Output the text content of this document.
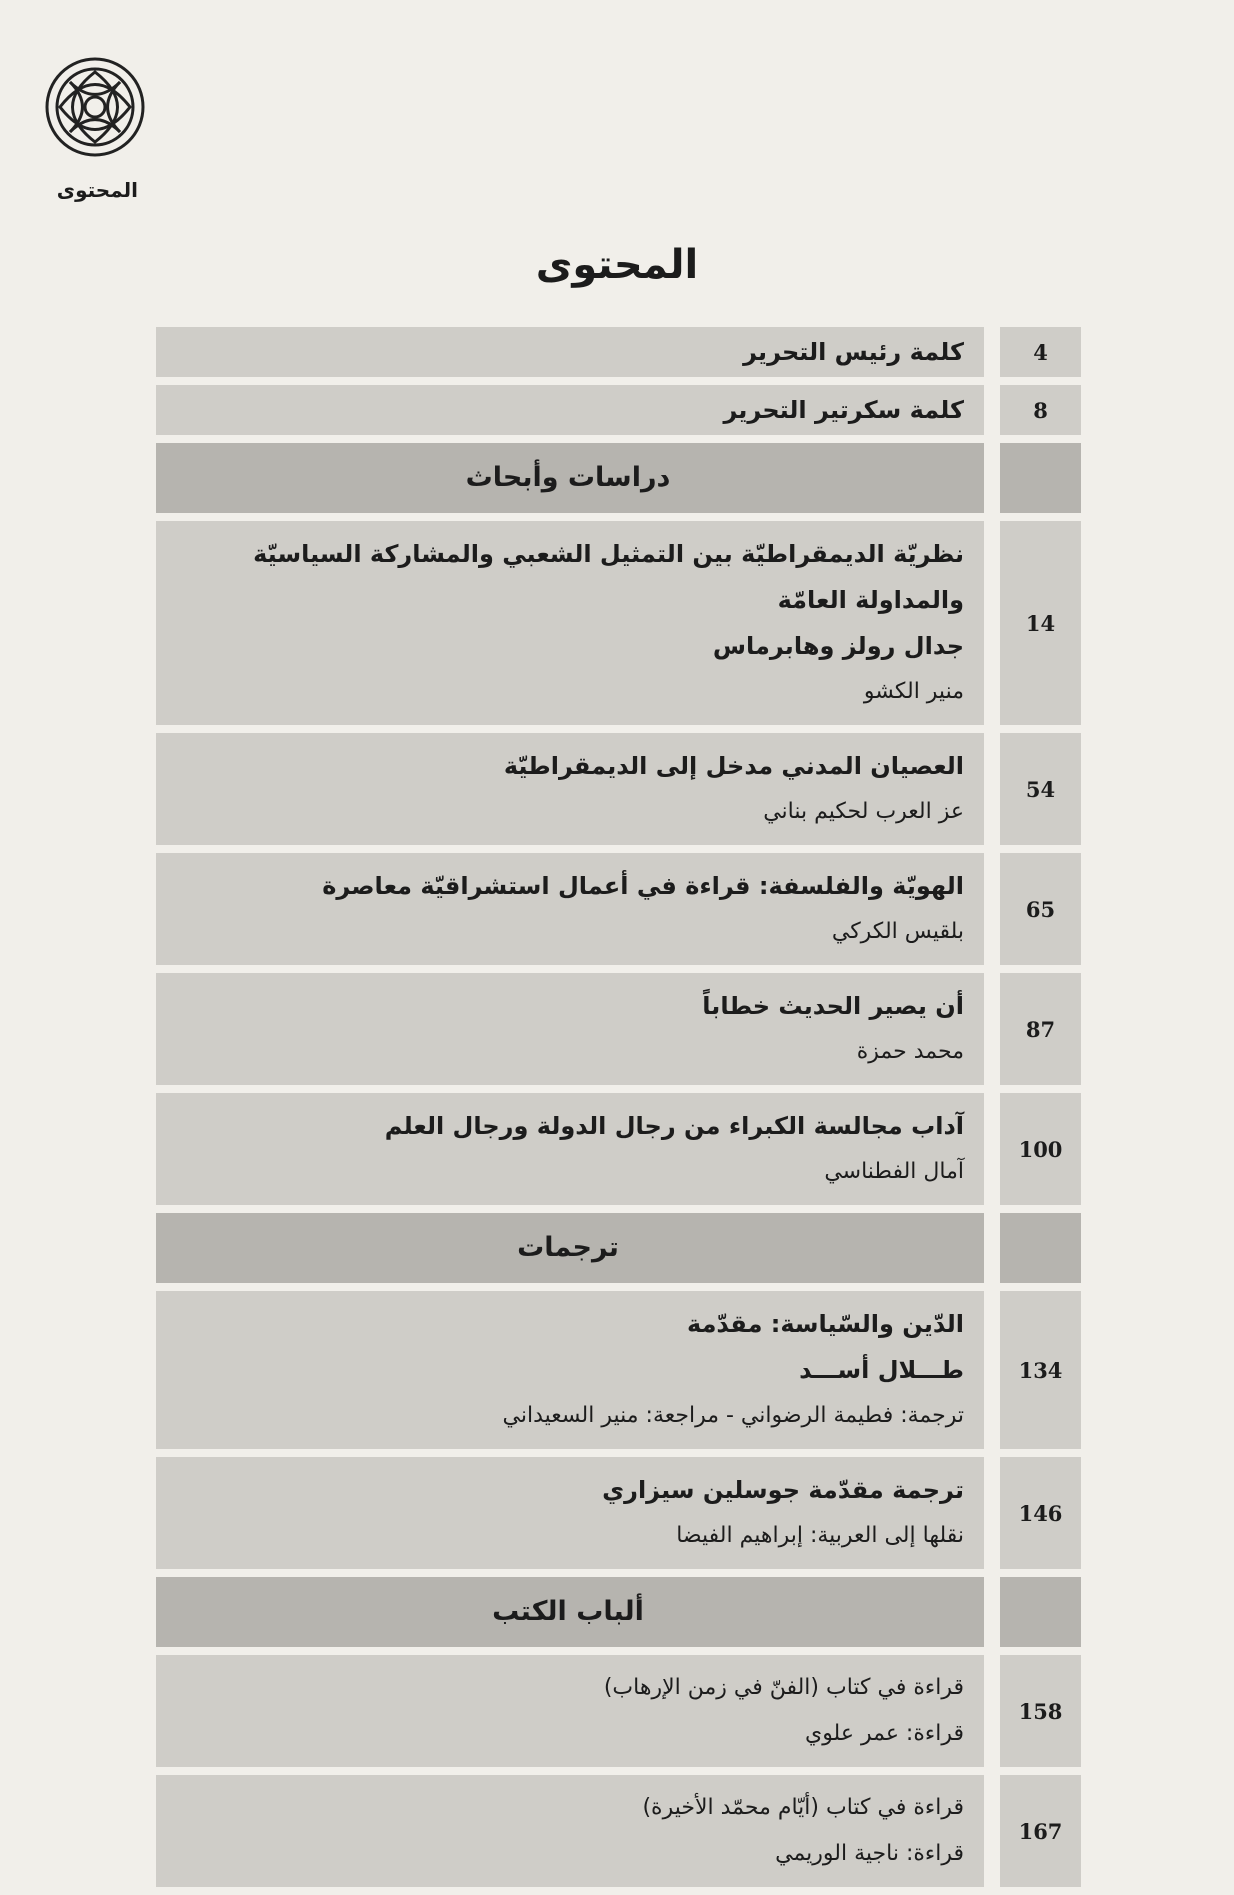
المحتوى
المحتوى
كلمة رئيس التحرير	4
كلمة سكرتير التحرير	8
دراسات وأبحاث
نظريّة الديمقراطيّة بين التمثيل الشعبي والمشاركة السياسيّة والمداولة العامّة
جدال رولز وهابرماس
منير الكشو
14
العصيان المدني مدخل إلى الديمقراطيّة
عز العرب لحكيم بناني
54
الهويّة والفلسفة: قراءة في أعمال استشراقيّة معاصرة
بلقيس الكركي
65
أن يصير الحديث خطاباً
محمد حمزة
87
آداب مجالسة الكبراء من رجال الدولة ورجال العلم
آمال الفطناسي
100
ترجمات
الدّين والسّياسة: مقدّمة
طـــلال أســـد
ترجمة: فطيمة الرضواني - مراجعة: منير السعيداني
134
ترجمة مقدّمة جوسلين سيزاري
نقلها إلى العربية: إبراهيم الفيضا
146
ألباب الكتب
قراءة في كتاب (الفنّ في زمن الإرهاب)
قراءة: عمر علوي
158
قراءة في كتاب (أيّام محمّد الأخيرة)
قراءة: ناجية الوريمي
167
